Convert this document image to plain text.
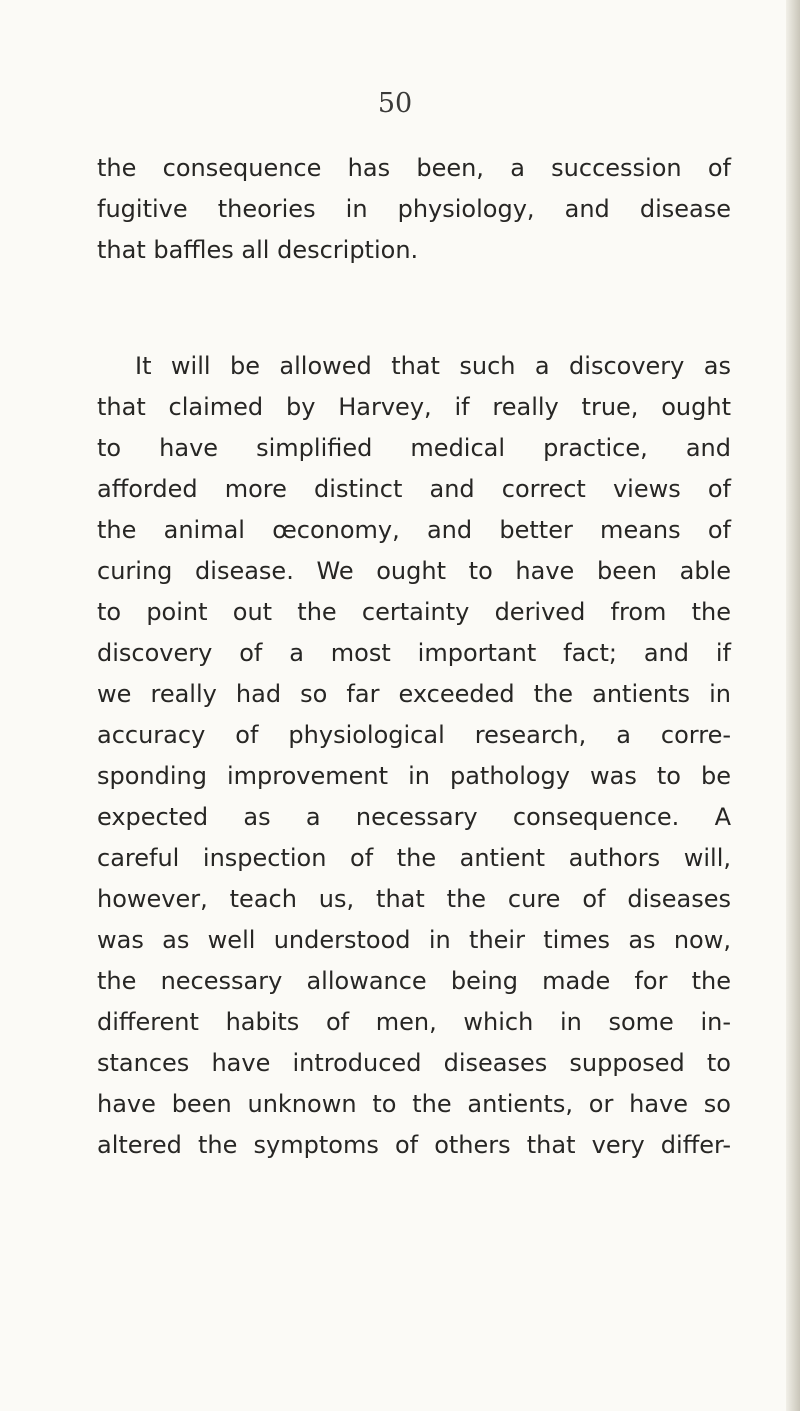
50
the consequence has been, a succession of
fugitive theories in physiology, and disease
that baffles all description.
It will be allowed that such a discovery as
that claimed by Harvey, if really true, ought
to have simplified medical practice, and
afforded more distinct and correct views of
the animal œconomy, and better means of
curing disease. We ought to have been able
to point out the certainty derived from the
discovery of a most important fact; and if
we really had so far exceeded the antients in
accuracy of physiological research, a corre-
sponding improvement in pathology was to be
expected as a necessary consequence. A
careful inspection of the antient authors will,
however, teach us, that the cure of diseases
was as well understood in their times as now,
the necessary allowance being made for the
different habits of men, which in some in-
stances have introduced diseases supposed to
have been unknown to the antients, or have so
altered the symptoms of others that very differ-
